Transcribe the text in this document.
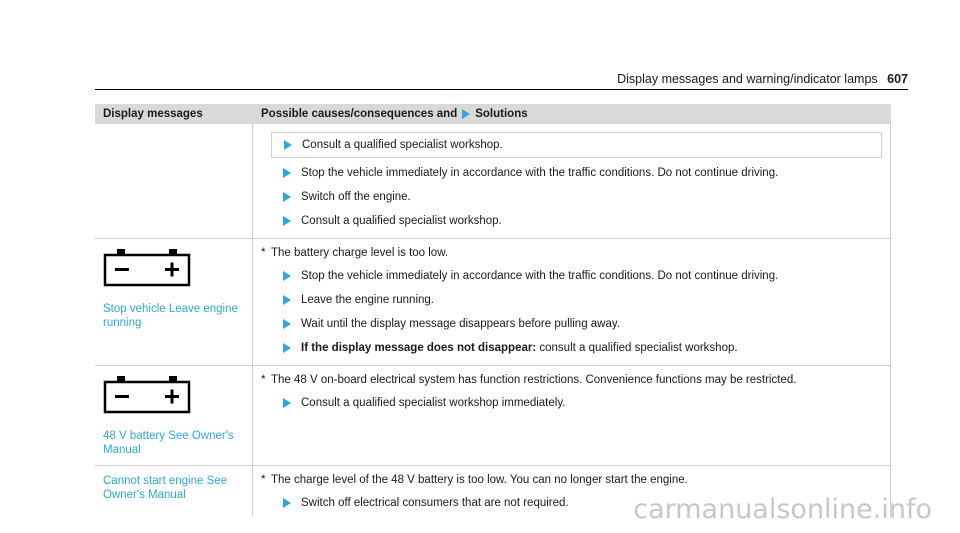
Display messages and warning/indicator lamps 607
Display messages	Possible causes/consequences and Solutions
Consult a qualified specialist workshop.
Stop the vehicle immediately in accordance with the traffic conditions. Do not continue driving.
Switch off the engine.
Consult a qualified specialist workshop.
Stop vehicle Leave engine running
* The battery charge level is too low.
Stop the vehicle immediately in accordance with the traffic conditions. Do not continue driving.
Leave the engine running.
Wait until the display message disappears before pulling away.
If the display message does not disappear: consult a qualified specialist workshop.
48 V battery See Owner's Manual
* The 48 V on-board electrical system has function restrictions. Convenience functions may be restricted.
Consult a qualified specialist workshop immediately.
Cannot start engine See Owner's Manual
* The charge level of the 48 V battery is too low. You can no longer start the engine.
Switch off electrical consumers that are not required. carmanualsonline.info
